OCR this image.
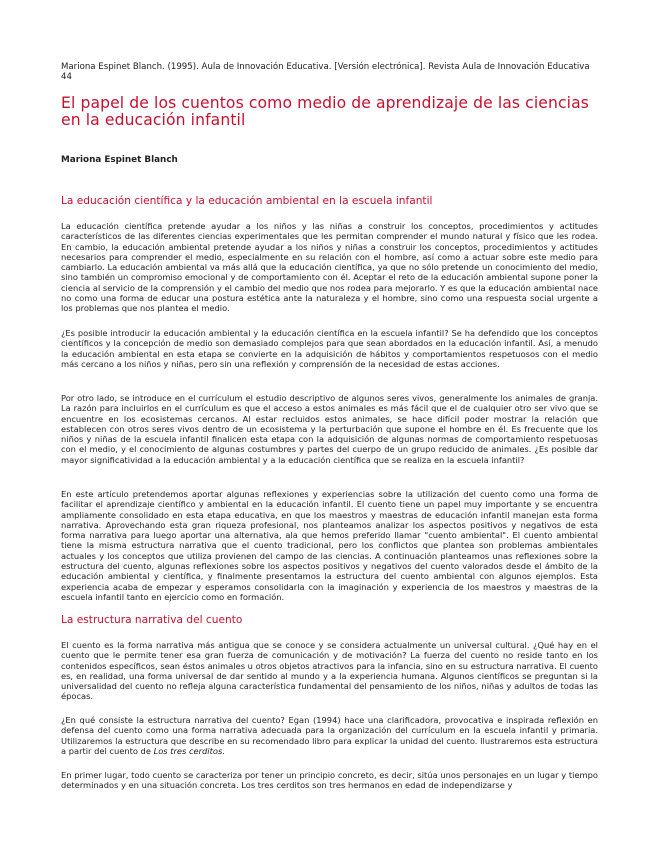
Mariona Espinet Blanch. (1995). Aula de Innovación Educativa. [Versión electrónica]. Revista Aula de Innovación Educativa 44
El papel de los cuentos como medio de aprendizaje de las ciencias en la educación infantil
Mariona Espinet Blanch
La educación científica y la educación ambiental en la escuela infantil

La educación científica pretende ayudar a los niños y las niñas a construir los conceptos, procedimientos y actitudes característicos de las diferentes ciencias experimentales que les permitan comprender el mundo natural y físico que les rodea. En cambio, la educación ambiental pretende ayudar a los niños y niñas a construir los conceptos, procedimientos y actitudes necesarios para comprender el medio, especialmente en su relación con el hombre, así como a actuar sobre este medio para cambiarlo. La educación ambiental va más allá que la educación científica, ya que no sólo pretende un conocimiento del medio, sino también un compromiso emocional y de comportamiento con él. Aceptar el reto de la educación ambiental supone poner la ciencia al servicio de la comprensión y el cambio del medio que nos rodea para mejorarlo. Y es que la educación ambiental nace no como una forma de educar una postura estética ante la naturaleza y el hombre, sino como una respuesta social urgente a los problemas que nos plantea el medio.

¿Es posible introducir la educación ambiental y la educación científica en la escuela infantil? Se ha defendido que los conceptos científicos y la concepción de medio son demasiado complejos para que sean abordados en la educación infantil. Así, a menudo la educación ambiental en esta etapa se convierte en la adquisición de hábitos y comportamientos respetuosos con el medio más cercano a los niños y niñas, pero sin una reflexión y comprensión de la necesidad de estas acciones.

Por otro lado, se introduce en el currículum el estudio descriptivo de algunos seres vivos, generalmente los animales de granja. La razón para incluirlos en el currículum es que el acceso a estos animales es más fácil que el de cualquier otro ser vivo que se encuentre en los ecosistemas cercanos. Al estar recluidos estos animales, se hace difícil poder mostrar la relación que establecen con otros seres vivos dentro de un ecosistema y la perturbación que supone el hombre en él. Es frecuente que los niños y niñas de la escuela infantil finalicen esta etapa con la adquisición de algunas normas de comportamiento respetuosas con el medio, y el conocimiento de algunas costumbres y partes del cuerpo de un grupo reducido de animales. ¿Es posible dar mayor significatividad a la educación ambiental y a la educación científica que se realiza en la escuela infantil?

En este artículo pretendemos aportar algunas reflexiones y experiencias sobre la utilización del cuento como una forma de facilitar el aprendizaje científico y ambiental en la educación infantil. El cuento tiene un papel muy importante y se encuentra ampliamente consolidado en esta etapa educativa, en que los maestros y maestras de educación infantil manejan esta forma narrativa. Aprovechando esta gran riqueza profesional, nos planteamos analizar los aspectos positivos y negativos de esta forma narrativa para luego aportar una alternativa, ala que hemos preferido llamar "cuento ambiental". El cuento ambiental tiene la misma estructura narrativa que el cuento tradicional, pero los conflictos que plantea son problemas ambientales actuales y los conceptos que utiliza provienen del campo de las ciencias. A continuación planteamos unas reflexiones sobre la estructura del cuento, algunas reflexiones sobre los aspectos positivos y negativos del cuento valorados desde el ámbito de la educación ambiental y científica, y finalmente presentamos la estructura del cuento ambiental con algunos ejemplos. Esta experiencia acaba de empezar y esperamos consolidarla con la imaginación y experiencia de los maestros y maestras de la escuela infantil tanto en ejercicio como en formación.

La estructura narrativa del cuento

El cuento es la forma narrativa más antigua que se conoce y se considera actualmente un universal cultural. ¿Qué hay en el cuento que le permite tener esa gran fuerza de comunicación y de motivación? La fuerza del cuento no reside tanto en los contenidos específicos, sean éstos animales u otros objetos atractivos para la infancia, sino en su estructura narrativa. El cuento es, en realidad, una forma universal de dar sentido al mundo y a la experiencia humana. Algunos científicos se preguntan si la universalidad del cuento no refleja alguna característica fundamental del pensamiento de los niños, niñas y adultos de todas las épocas.

¿En qué consiste la estructura narrativa del cuento? Egan (1994) hace una clarificadora, provocativa e inspirada reflexión en defensa del cuento como una forma narrativa adecuada para la organización del currículum en la escuela infantil y primaria. Utilizaremos la estructura que describe en su recomendado libro para explicar la unidad del cuento. Ilustraremos esta estructura a partir del cuento de Los tres cerditos.

En primer lugar, todo cuento se caracteriza por tener un principio concreto, es decir, sitúa unos personajes en un lugar y tiempo determinados y en una situación concreta. Los tres cerditos son tres hermanos en edad de independizarse y
